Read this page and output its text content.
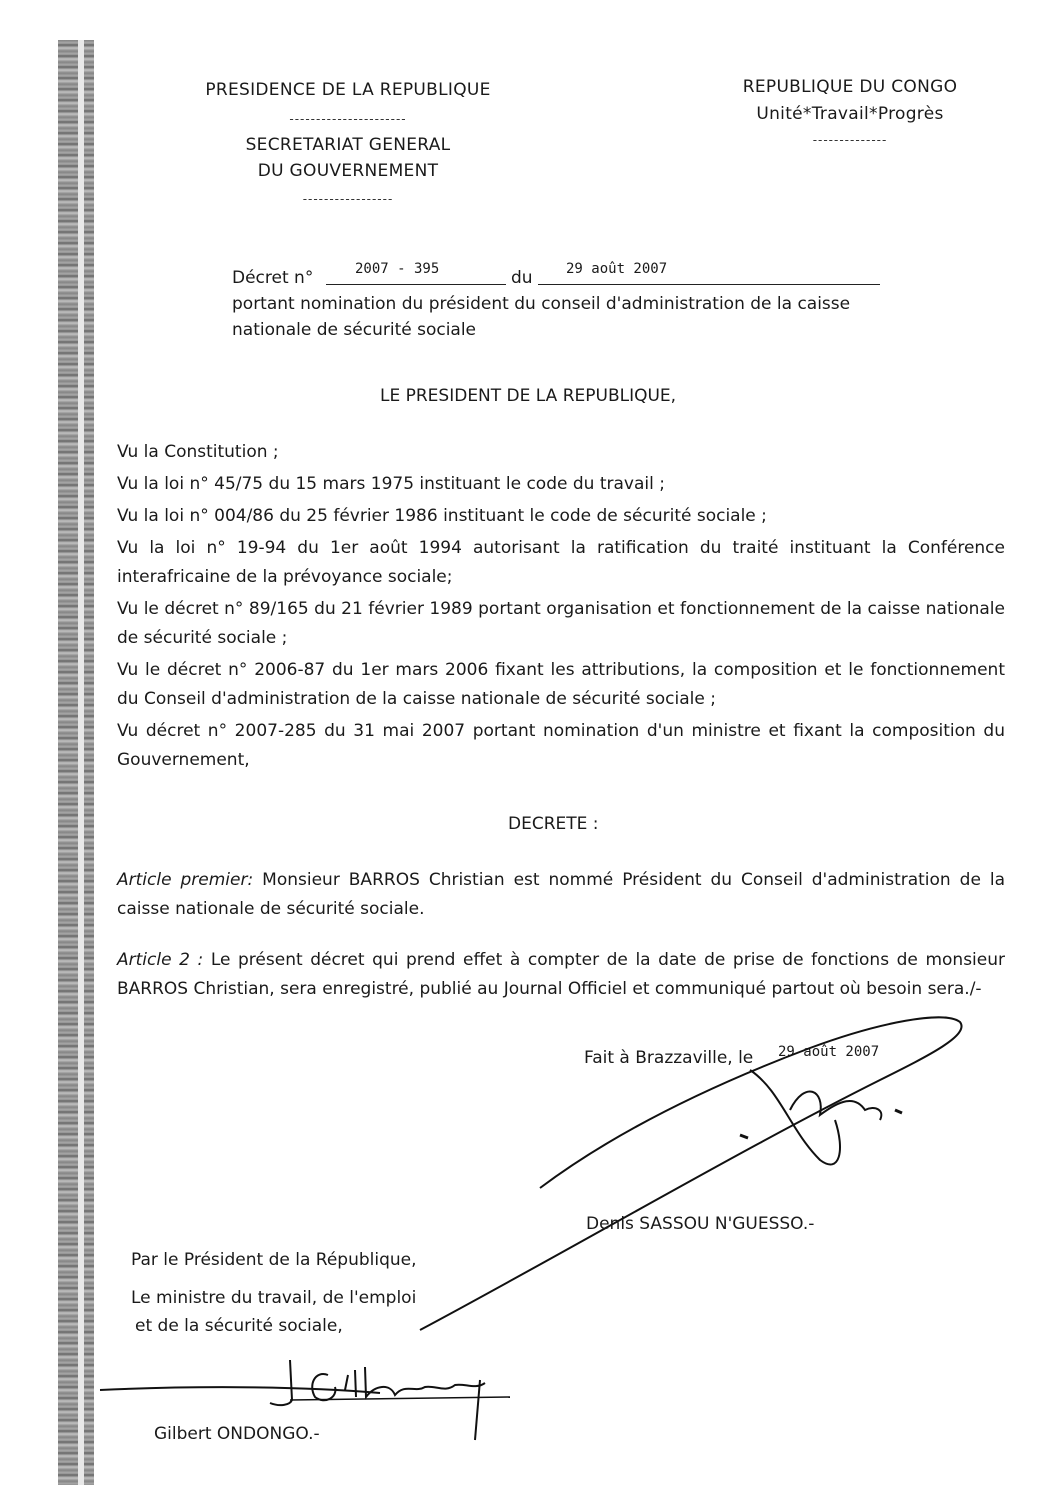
PRESIDENCE DE LA REPUBLIQUE
----------------------
SECRETARIAT GENERAL
DU GOUVERNEMENT
-----------------
REPUBLIQUE DU CONGO
Unité*Travail*Progrès
--------------
Décret n°	2007 - 395	du 29 août 2007
portant nomination du président du conseil d'administration de la caisse
nationale de sécurité sociale
LE PRESIDENT DE LA REPUBLIQUE,

Vu la Constitution ;

Vu la loi n° 45/75 du 15 mars 1975 instituant le code du travail ;

Vu la loi n° 004/86 du 25 février 1986 instituant le code de sécurité sociale ;

Vu la loi n° 19-94 du 1er août 1994 autorisant la ratification du traité instituant la Conférence interafricaine de la prévoyance sociale;

Vu le décret n° 89/165 du 21 février 1989 portant organisation et fonctionnement de la caisse nationale de sécurité sociale ;

Vu le décret n° 2006-87 du 1er mars 2006 fixant les attributions, la composition et le fonctionnement du Conseil d'administration de la caisse nationale de sécurité sociale ;

Vu décret n° 2007-285 du 31 mai 2007 portant nomination d'un ministre et fixant la composition du Gouvernement,

DECRETE :
Article premier: Monsieur BARROS Christian est nommé Président du Conseil d'administration de la caisse nationale de sécurité sociale.
Article 2 : Le présent décret qui prend effet à compter de la date de prise de fonctions de monsieur BARROS Christian, sera enregistré, publié au Journal Officiel et communiqué partout où besoin sera./-
Fait à Brazzaville, le 29 août 2007
Denis SASSOU N'GUESSO.-
Par le Président de la République,
Le ministre du travail, de l'emploi
et de la sécurité sociale,
Gilbert ONDONGO.-
